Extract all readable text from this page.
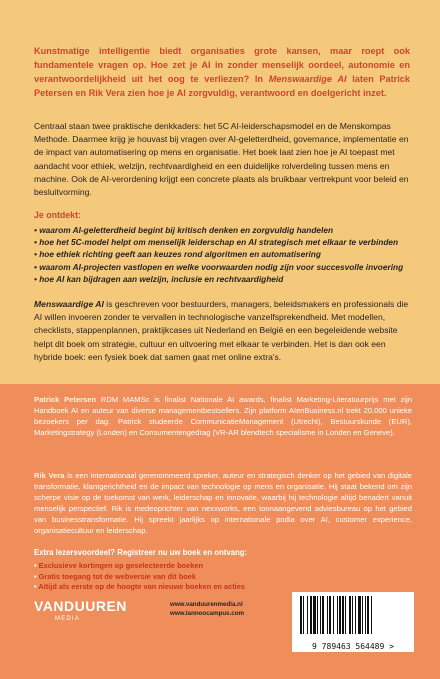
Kunstmatige intelligentie biedt organisaties grote kansen, maar roept ook fundamentele vragen op. Hoe zet je AI in zonder menselijk oordeel, autonomie en verantwoordelijkheid uit het oog te verliezen? In Menswaardige AI laten Patrick Petersen en Rik Vera zien hoe je AI zorgvuldig, verantwoord en doelgericht inzet.
Centraal staan twee praktische denkkaders: het 5C AI-leiderschapsmodel en de Menskompas Methode. Daarmee krijg je houvast bij vragen over AI-geletterdheid, governance, implementatie en de impact van automatisering op mens en organisatie. Het boek laat zien hoe je AI toepast met aandacht voor ethiek, welzijn, rechtvaardigheid en een duidelijke rolverdeling tussen mens en machine. Ook de AI-verordening krijgt een concrete plaats als bruikbaar vertrekpunt voor beleid en besluitvorming.
Je ontdekt:
• waarom AI-geletterdheid begint bij kritisch denken en zorgvuldig handelen
• hoe het 5C-model helpt om menselijk leiderschap en AI strategisch met elkaar te verbinden
• hoe ethiek richting geeft aan keuzes rond algoritmen en automatisering
• waarom AI-projecten vastlopen en welke voorwaarden nodig zijn voor succesvolle invoering
• hoe AI kan bijdragen aan welzijn, inclusie en rechtvaardigheid
Menswaardige AI is geschreven voor bestuurders, managers, beleidsmakers en professionals die AI willen invoeren zonder te vervallen in technologische vanzelfsprekendheid. Met modellen, checklists, stappenplannen, praktijkcases uit Nederland en België en een begeleidende website helpt dit boek om strategie, cultuur en uitvoering met elkaar te verbinden. Het is dan ook een hybride boek: een fysiek boek dat samen gaat met online extra's.
Patrick Petersen RDM MAMSc is finalist Nationale AI awards, finalist Marketing-Literatuurprijs met zijn Handboek AI en auteur van diverse managementbestsellers. Zijn platform AIenBusiness.nl trekt 20.000 unieke bezoekers per dag. Patrick studeerde CommunicatieManagement (Utrecht), Bestuurskunde (EUR), Marketingstrategy (Londen) en Consumentengedrag (VR-AR blendtech specialisme in Londen en Geneve).
Rik Vera is een internationaal gerenommeerd spreker, auteur en strategisch denker op het gebied van digitale transformatie, klantgerichtheid en de impact van technologie op mens en organisatie. Hij staat bekend om zijn scherpe visie op de toekomst van werk, leiderschap en innovatie, waarbij hij technologie altijd benadert vanuit menselijk perspectief. Rik is medeoprichter van nexxworks, een toonaangevend adviesbureau op het gebied van businesstransformatie. Hij spreekt jaarlijks op internationale podia over AI, customer experience, organisatiecultuur en leiderschap.
Extra lezersvoordeel? Registreer nu uw boek en ontvang:
• Exclusieve kortingen op geselecteerde boeken
• Gratis toegang tot de webversie van dit boek
• Altijd als eerste op de hoogte van nieuwe boeken en acties
VANDUUREN
MEDIA
www.vanduurenmedia.nl
www.lannoocampus.com
9 789463 564489 >
